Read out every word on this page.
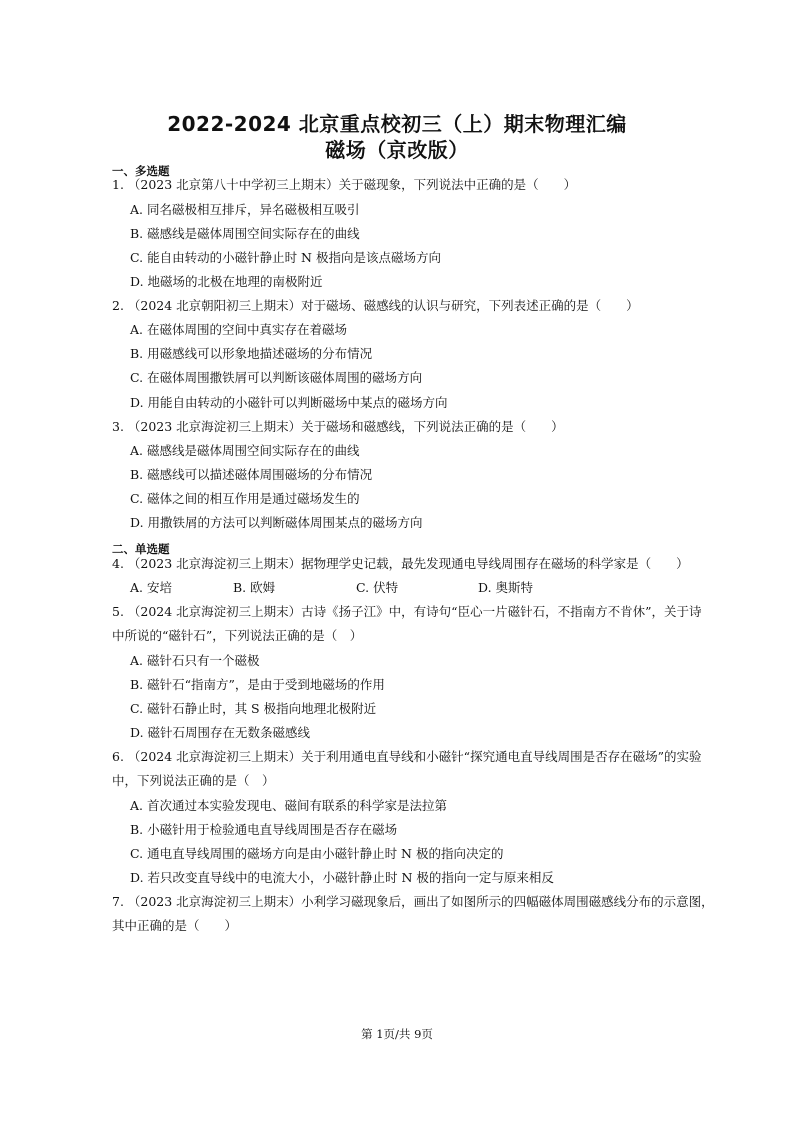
2022-2024 北京重点校初三（上）期末物理汇编
磁场（京改版）
一、多选题
1. （2023 北京第八十中学初三上期末）关于磁现象，下列说法中正确的是（　　）
A. 同名磁极相互排斥，异名磁极相互吸引
B. 磁感线是磁体周围空间实际存在的曲线
C. 能自由转动的小磁针静止时 N 极指向是该点磁场方向
D. 地磁场的北极在地理的南极附近
2. （2024 北京朝阳初三上期末）对于磁场、磁感线的认识与研究，下列表述正确的是（　　）
A. 在磁体周围的空间中真实存在着磁场
B. 用磁感线可以形象地描述磁场的分布情况
C. 在磁体周围撒铁屑可以判断该磁体周围的磁场方向
D. 用能自由转动的小磁针可以判断磁场中某点的磁场方向
3. （2023 北京海淀初三上期末）关于磁场和磁感线，下列说法正确的是（　　）
A. 磁感线是磁体周围空间实际存在的曲线
B. 磁感线可以描述磁体周围磁场的分布情况
C. 磁体之间的相互作用是通过磁场发生的
D. 用撒铁屑的方法可以判断磁体周围某点的磁场方向
二、单选题
4. （2023 北京海淀初三上期末）据物理学史记载，最先发现通电导线周围存在磁场的科学家是（　　）
A. 安培	B. 欧姆	C. 伏特	D. 奥斯特
5. （2024 北京海淀初三上期末）古诗《扬子江》中，有诗句“臣心一片磁针石，不指南方不肯休”，关于诗
中所说的“磁针石”，下列说法正确的是（　）
A. 磁针石只有一个磁极
B. 磁针石“指南方”，是由于受到地磁场的作用
C. 磁针石静止时，其 S 极指向地理北极附近
D. 磁针石周围存在无数条磁感线
6. （2024 北京海淀初三上期末）关于利用通电直导线和小磁针“探究通电直导线周围是否存在磁场”的实验
中，下列说法正确的是（　）
A. 首次通过本实验发现电、磁间有联系的科学家是法拉第
B. 小磁针用于检验通电直导线周围是否存在磁场
C. 通电直导线周围的磁场方向是由小磁针静止时 N 极的指向决定的
D. 若只改变直导线中的电流大小，小磁针静止时 N 极的指向一定与原来相反
7. （2023 北京海淀初三上期末）小利学习磁现象后，画出了如图所示的四幅磁体周围磁感线分布的示意图，
其中正确的是（　　）
第 1页/共 9页
